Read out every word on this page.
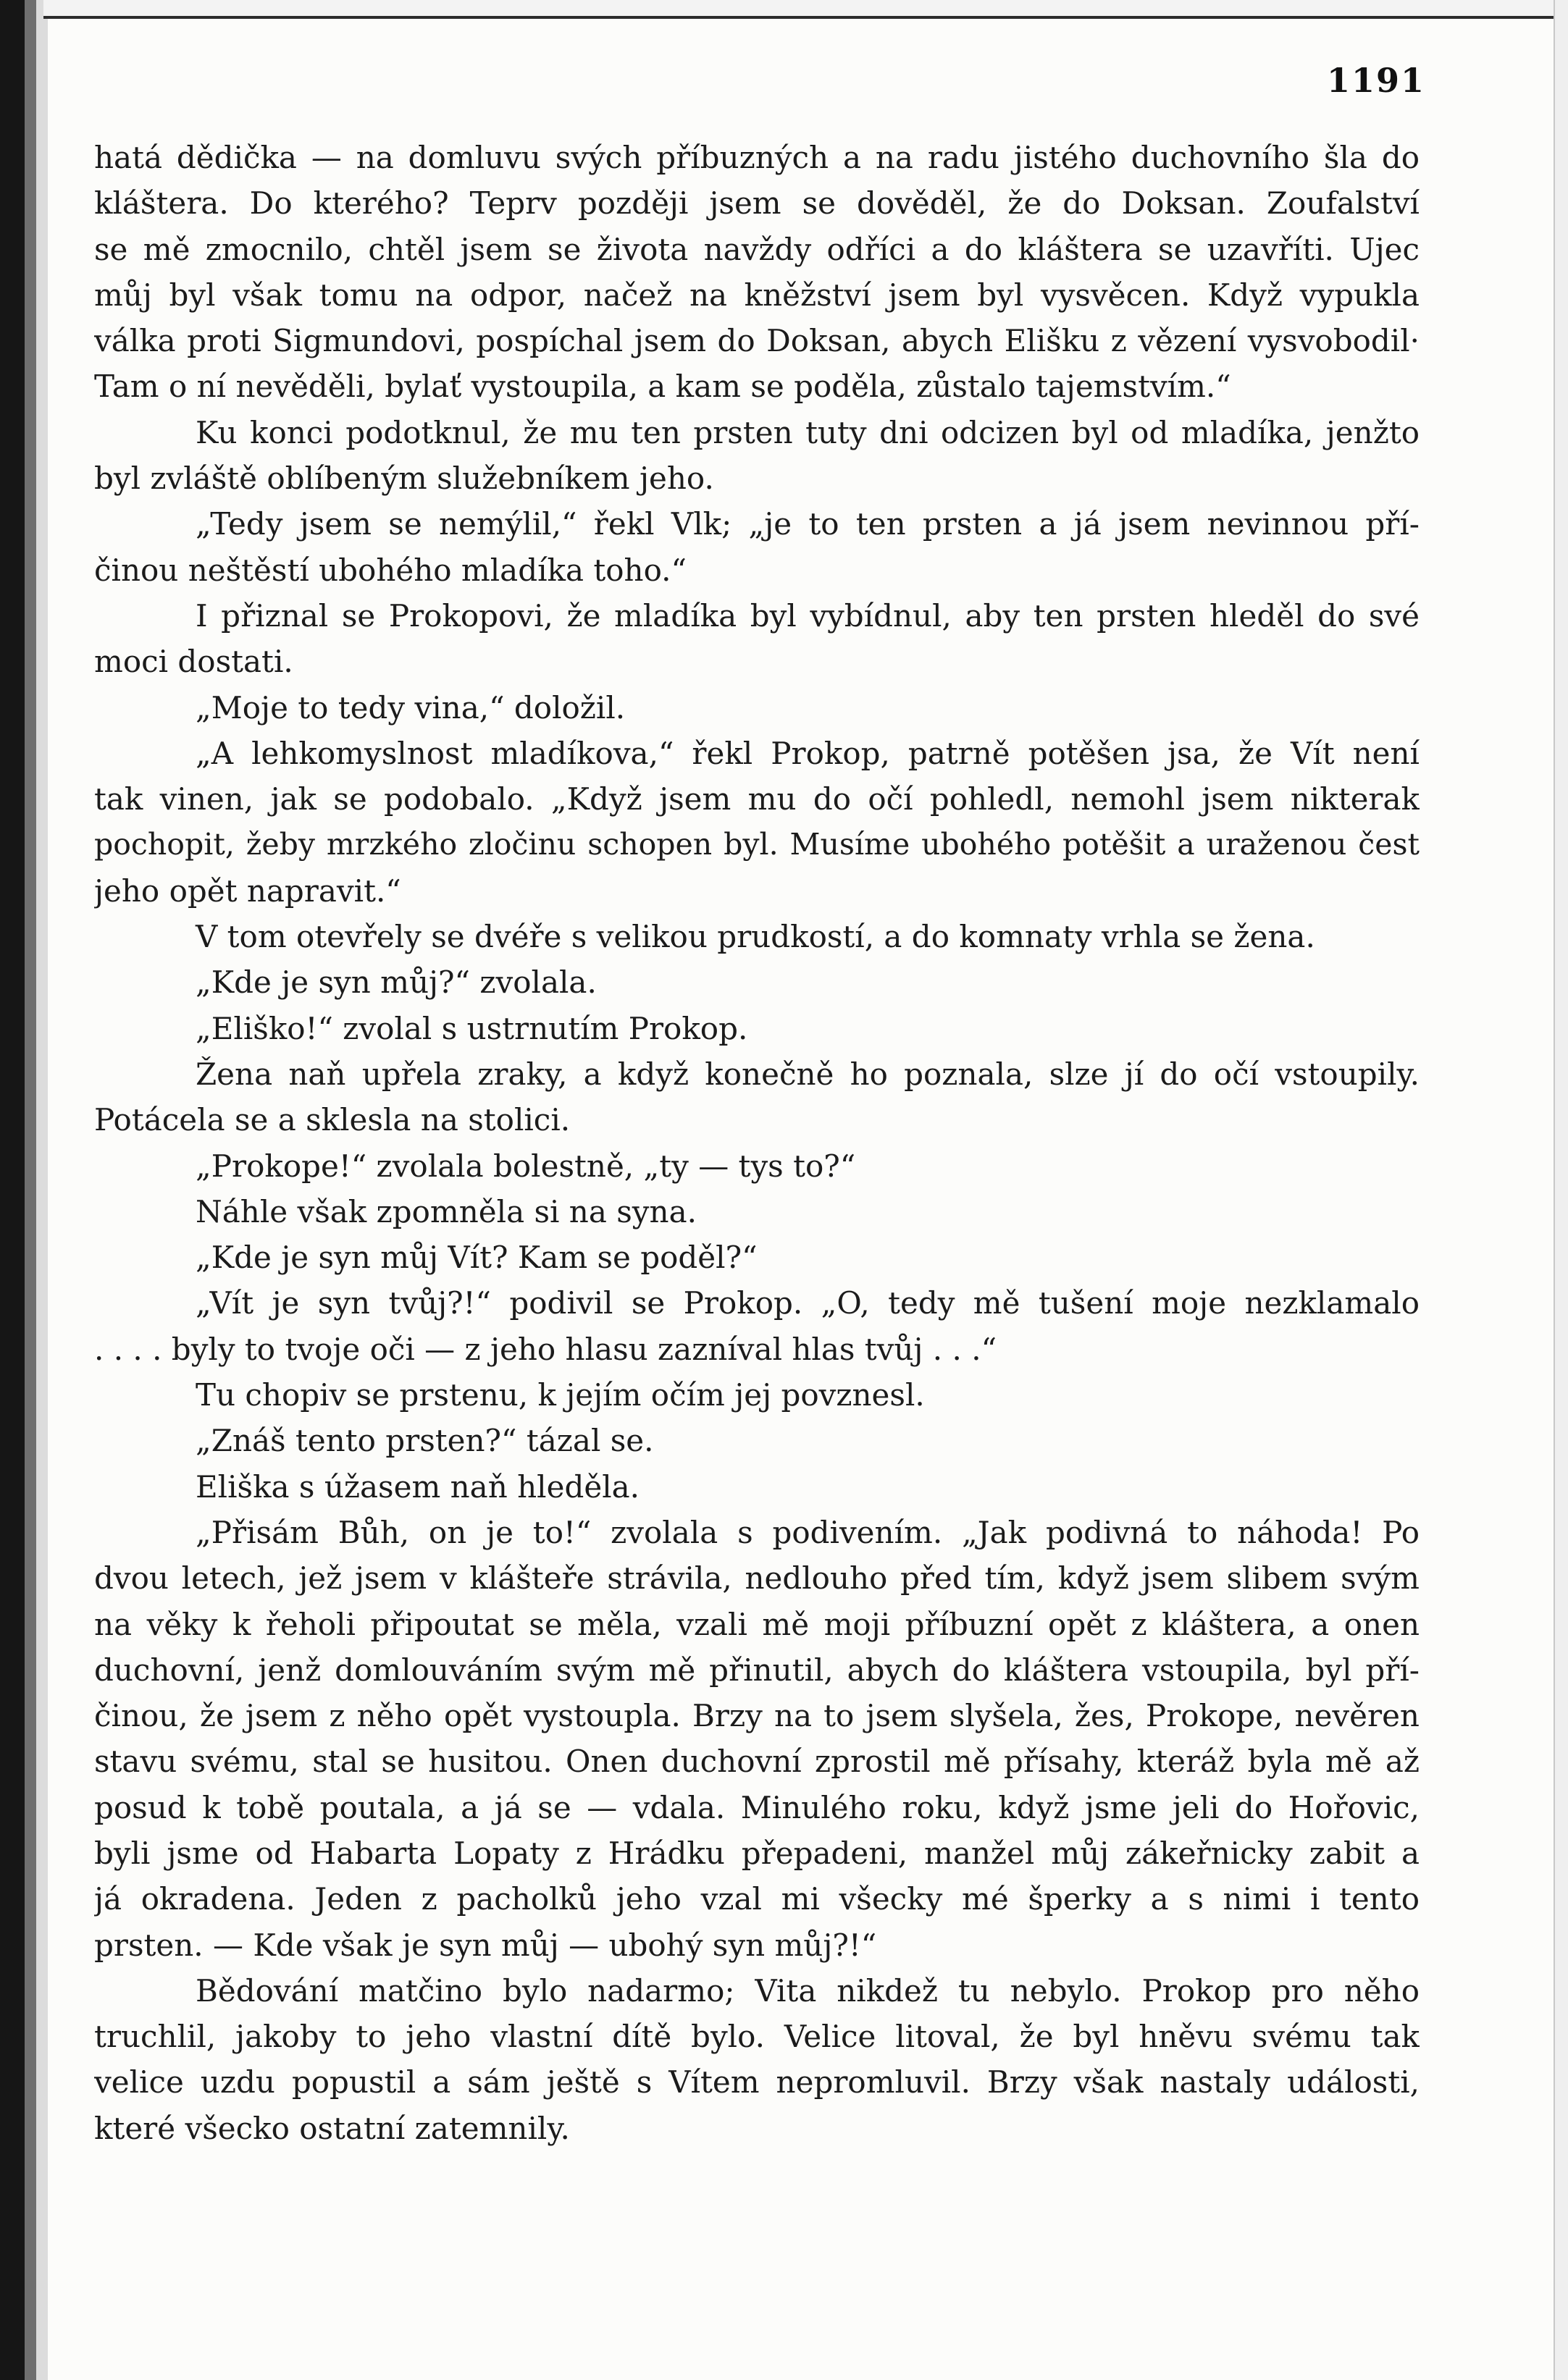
1191
hatá dědička — na domluvu svých příbuzných a na radu jistého duchovního šla do
kláštera. Do kterého? Teprv později jsem se dověděl, že do Doksan. Zoufalství
se mě zmocnilo, chtěl jsem se života navždy odříci a do kláštera se uzavříti. Ujec
můj byl však tomu na odpor, načež na kněžství jsem byl vysvěcen. Když vypukla
válka proti Sigmundovi, pospíchal jsem do Doksan, abych Elišku z vězení vysvobodil·
Tam o ní nevěděli, bylať vystoupila, a kam se poděla, zůstalo tajemstvím.“
Ku konci podotknul, že mu ten prsten tuty dni odcizen byl od mladíka, jenžto
byl zvláště oblíbeným služebníkem jeho.
„Tedy jsem se nemýlil,“ řekl Vlk; „je to ten prsten a já jsem nevinnou pří-
činou neštěstí ubohého mladíka toho.“
I přiznal se Prokopovi, že mladíka byl vybídnul, aby ten prsten hleděl do své
moci dostati.
„Moje to tedy vina,“ doložil.
„A lehkomyslnost mladíkova,“ řekl Prokop, patrně potěšen jsa, že Vít není
tak vinen, jak se podobalo. „Když jsem mu do očí pohledl, nemohl jsem nikterak
pochopit, žeby mrzkého zločinu schopen byl. Musíme ubohého potěšit a uraženou čest
jeho opět napravit.“
V tom otevřely se dvéře s velikou prudkostí, a do komnaty vrhla se žena.
„Kde je syn můj?“ zvolala.
„Eliško!“ zvolal s ustrnutím Prokop.
Žena naň upřela zraky, a když konečně ho poznala, slze jí do očí vstoupily.
Potácela se a sklesla na stolici.
„Prokope!“ zvolala bolestně, „ty — tys to?“
Náhle však zpomněla si na syna.
„Kde je syn můj Vít? Kam se poděl?“
„Vít je syn tvůj?!“ podivil se Prokop. „O, tedy mě tušení moje nezklamalo
. . . . byly to tvoje oči — z jeho hlasu zazníval hlas tvůj . . .“
Tu chopiv se prstenu, k jejím očím jej povznesl.
„Znáš tento prsten?“ tázal se.
Eliška s úžasem naň hleděla.
„Přisám Bůh, on je to!“ zvolala s podivením. „Jak podivná to náhoda! Po
dvou letech, jež jsem v klášteře strávila, nedlouho před tím, když jsem slibem svým
na věky k řeholi připoutat se měla, vzali mě moji příbuzní opět z kláštera, a onen
duchovní, jenž domlouváním svým mě přinutil, abych do kláštera vstoupila, byl pří-
činou, že jsem z něho opět vystoupla. Brzy na to jsem slyšela, žes, Prokope, nevěren
stavu svému, stal se husitou. Onen duchovní zprostil mě přísahy, kteráž byla mě až
posud k tobě poutala, a já se — vdala. Minulého roku, když jsme jeli do Hořovic,
byli jsme od Habarta Lopaty z Hrádku přepadeni, manžel můj zákeřnicky zabit a
já okradena. Jeden z pacholků jeho vzal mi všecky mé šperky a s nimi i tento
prsten. — Kde však je syn můj — ubohý syn můj?!“
Bědování matčino bylo nadarmo; Vita nikdež tu nebylo. Prokop pro něho
truchlil, jakoby to jeho vlastní dítě bylo. Velice litoval, že byl hněvu svému tak
velice uzdu popustil a sám ještě s Vítem nepromluvil. Brzy však nastaly události,
které všecko ostatní zatemnily.
